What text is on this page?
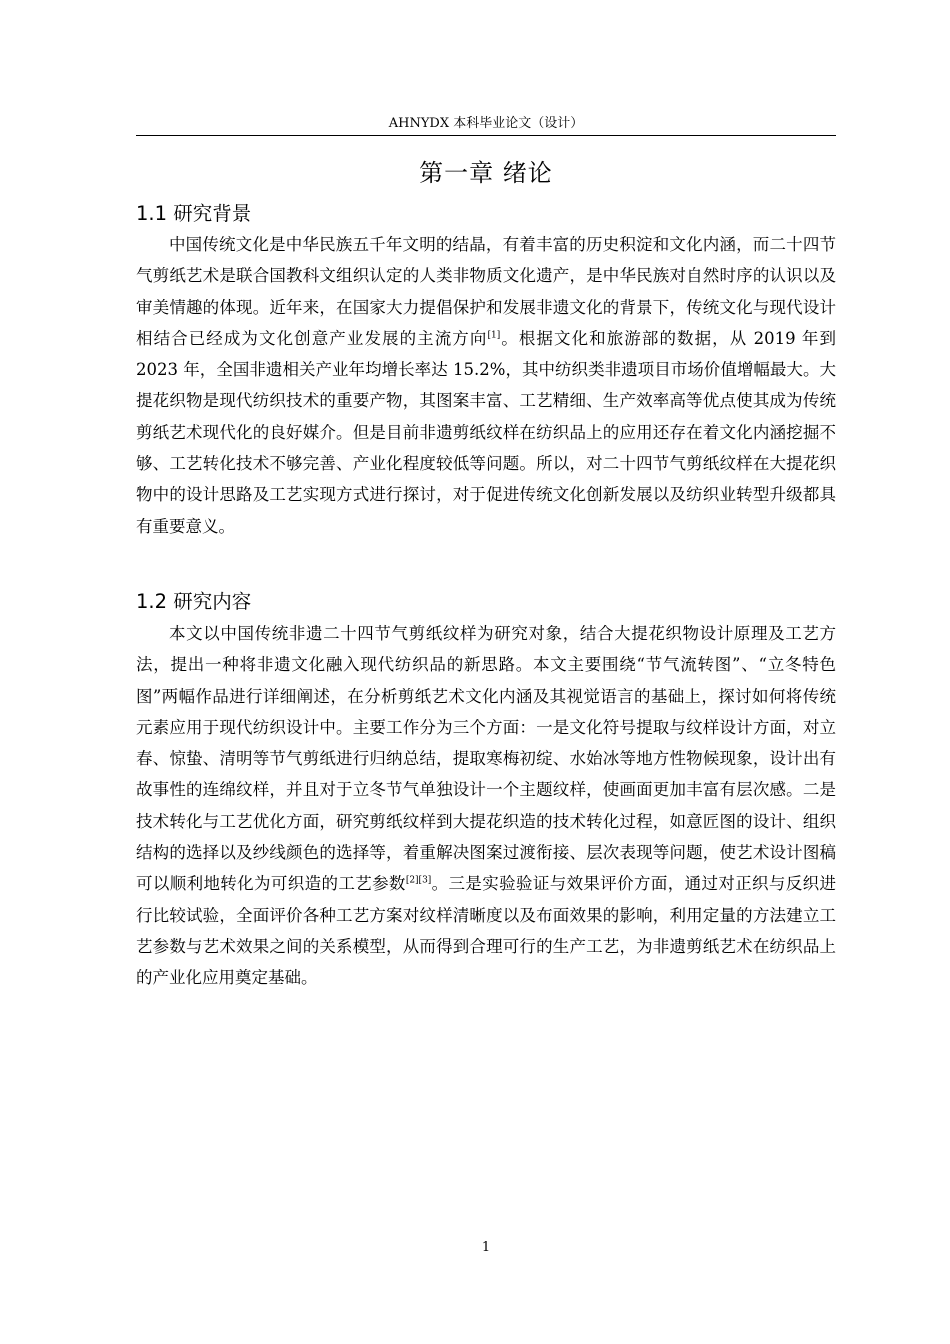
AHNYDX 本科毕业论文（设计）
第一章 绪论
1.1 研究背景
中国传统文化是中华民族五千年文明的结晶，有着丰富的历史积淀和文化内涵，而二十四节气剪纸艺术是联合国教科文组织认定的人类非物质文化遗产，是中华民族对自然时序的认识以及审美情趣的体现。近年来，在国家大力提倡保护和发展非遗文化的背景下，传统文化与现代设计相结合已经成为文化创意产业发展的主流方向[1]。根据文化和旅游部的数据，从 2019 年到 2023 年，全国非遗相关产业年均增长率达 15.2%，其中纺织类非遗项目市场价值增幅最大。大提花织物是现代纺织技术的重要产物，其图案丰富、工艺精细、生产效率高等优点使其成为传统剪纸艺术现代化的良好媒介。但是目前非遗剪纸纹样在纺织品上的应用还存在着文化内涵挖掘不够、工艺转化技术不够完善、产业化程度较低等问题。所以，对二十四节气剪纸纹样在大提花织物中的设计思路及工艺实现方式进行探讨，对于促进传统文化创新发展以及纺织业转型升级都具有重要意义。
1.2 研究内容
本文以中国传统非遗二十四节气剪纸纹样为研究对象，结合大提花织物设计原理及工艺方法，提出一种将非遗文化融入现代纺织品的新思路。本文主要围绕“节气流转图”、“立冬特色图”两幅作品进行详细阐述，在分析剪纸艺术文化内涵及其视觉语言的基础上，探讨如何将传统元素应用于现代纺织设计中。主要工作分为三个方面：一是文化符号提取与纹样设计方面，对立春、惊蛰、清明等节气剪纸进行归纳总结，提取寒梅初绽、水始冰等地方性物候现象，设计出有故事性的连绵纹样，并且对于立冬节气单独设计一个主题纹样，使画面更加丰富有层次感。二是技术转化与工艺优化方面，研究剪纸纹样到大提花织造的技术转化过程，如意匠图的设计、组织结构的选择以及纱线颜色的选择等，着重解决图案过渡衔接、层次表现等问题，使艺术设计图稿可以顺利地转化为可织造的工艺参数[2][3]。三是实验验证与效果评价方面，通过对正织与反织进行比较试验，全面评价各种工艺方案对纹样清晰度以及布面效果的影响，利用定量的方法建立工艺参数与艺术效果之间的关系模型，从而得到合理可行的生产工艺，为非遗剪纸艺术在纺织品上的产业化应用奠定基础。
1
